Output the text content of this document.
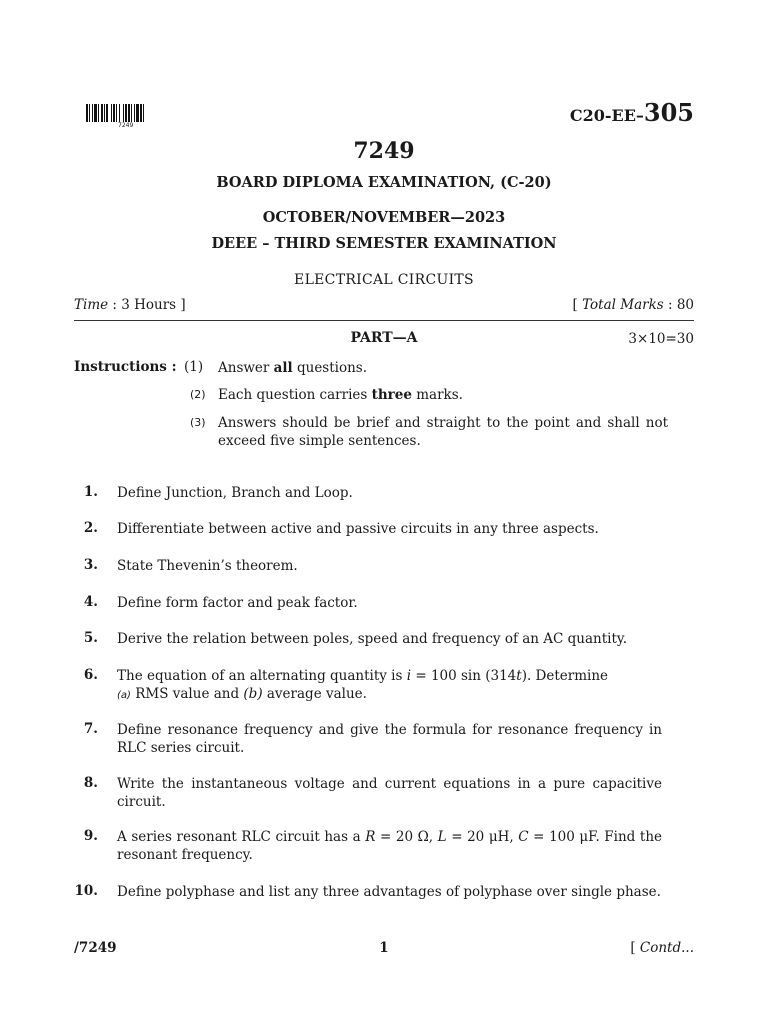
7249
C20-EE–305
7249
BOARD DIPLOMA EXAMINATION, (C-20)
OCTOBER/NOVEMBER—2023
DEEE – THIRD SEMESTER EXAMINATION
ELECTRICAL CIRCUITS
Time : 3 Hours ]	[ Total Marks : 80
PART—A	3×10=30
Instructions : (1) Answer all questions.
(2) Each question carries three marks.
(3) Answers should be brief and straight to the point and shall not exceed five simple sentences.
1. Define Junction, Branch and Loop.
2. Differentiate between active and passive circuits in any three aspects.
3. State Thevenin’s theorem.
4. Define form factor and peak factor.
5. Derive the relation between poles, speed and frequency of an AC quantity.
6. The equation of an alternating quantity is i = 100 sin (314t). Determine
(a) RMS value and (b) average value.
7. Define resonance frequency and give the formula for resonance frequency in RLC series circuit.
8. Write the instantaneous voltage and current equations in a pure capacitive circuit.
9. A series resonant RLC circuit has a R = 20 Ω, L = 20 μH, C = 100 μF. Find the resonant frequency.
10. Define polyphase and list any three advantages of polyphase over single phase.
/7249	1	[ Contd...
